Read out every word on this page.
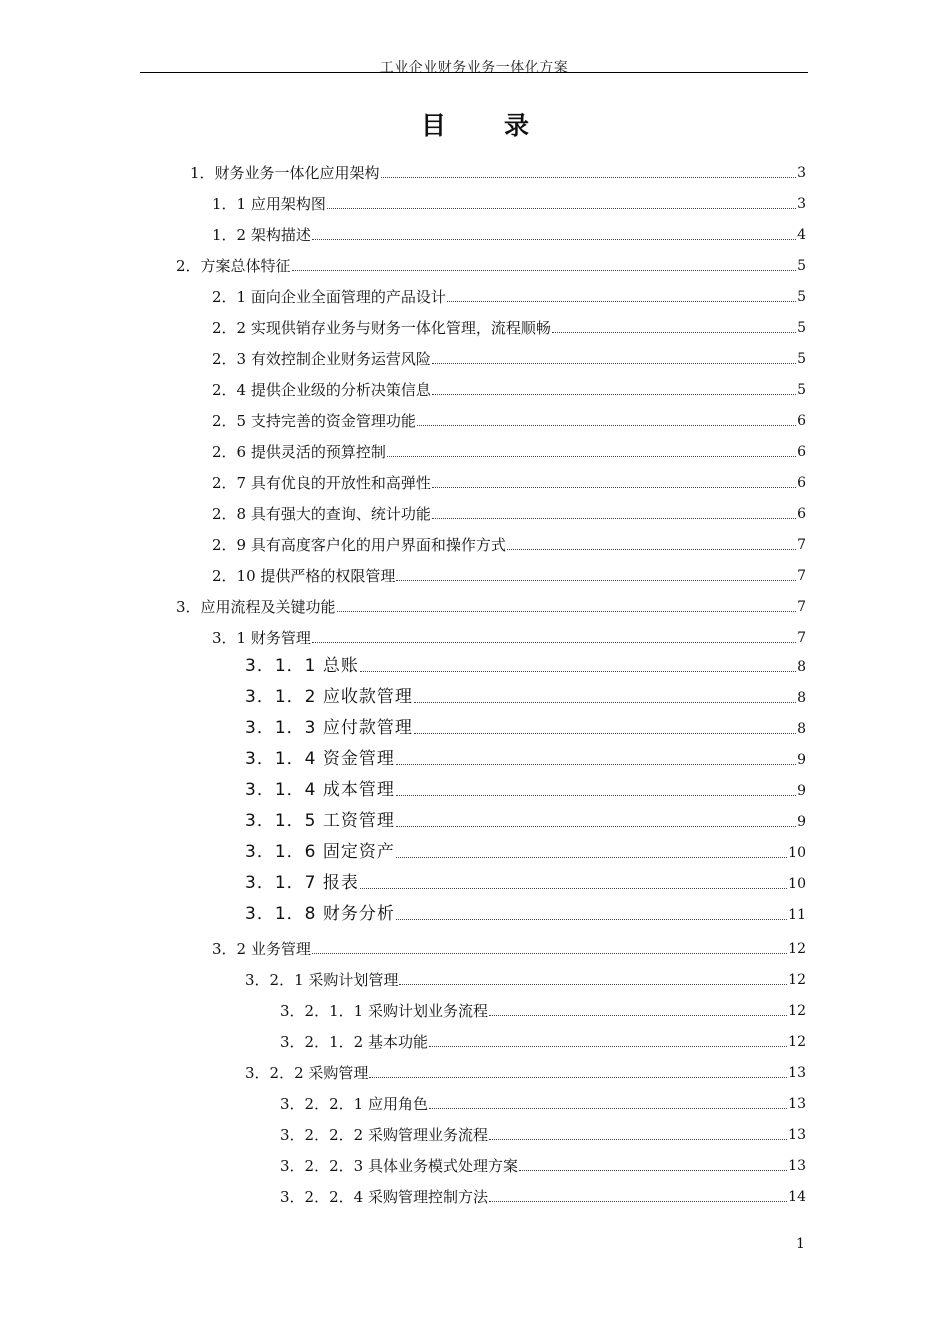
工业企业财务业务一体化方案
目录
1．财务业务一体化应用架构	3
1．1 应用架构图	3
1．2 架构描述	4
2．方案总体特征	5
2．1 面向企业全面管理的产品设计	5
2．2 实现供销存业务与财务一体化管理，流程顺畅	5
2．3 有效控制企业财务运营风险	5
2．4 提供企业级的分析决策信息	5
2．5 支持完善的资金管理功能	6
2．6 提供灵活的预算控制	6
2．7 具有优良的开放性和高弹性	6
2．8 具有强大的查询、统计功能	6
2．9 具有高度客户化的用户界面和操作方式	7
2．10 提供严格的权限管理	7
3．应用流程及关键功能	7
3．1 财务管理	7
3．1．1 总账	8
3．1．2 应收款管理	8
3．1．3 应付款管理	8
3．1．4 资金管理	9
3．1．4 成本管理	9
3．1．5 工资管理	9
3．1．6 固定资产	10
3．1．7 报表	10
3．1．8 财务分析	11
3．2 业务管理	12
3．2．1 采购计划管理	12
3．2．1．1 采购计划业务流程	12
3．2．1．2 基本功能	12
3．2．2 采购管理	13
3．2．2．1 应用角色	13
3．2．2．2 采购管理业务流程	13
3．2．2．3 具体业务模式处理方案	13
3．2．2．4 采购管理控制方法	14
1
